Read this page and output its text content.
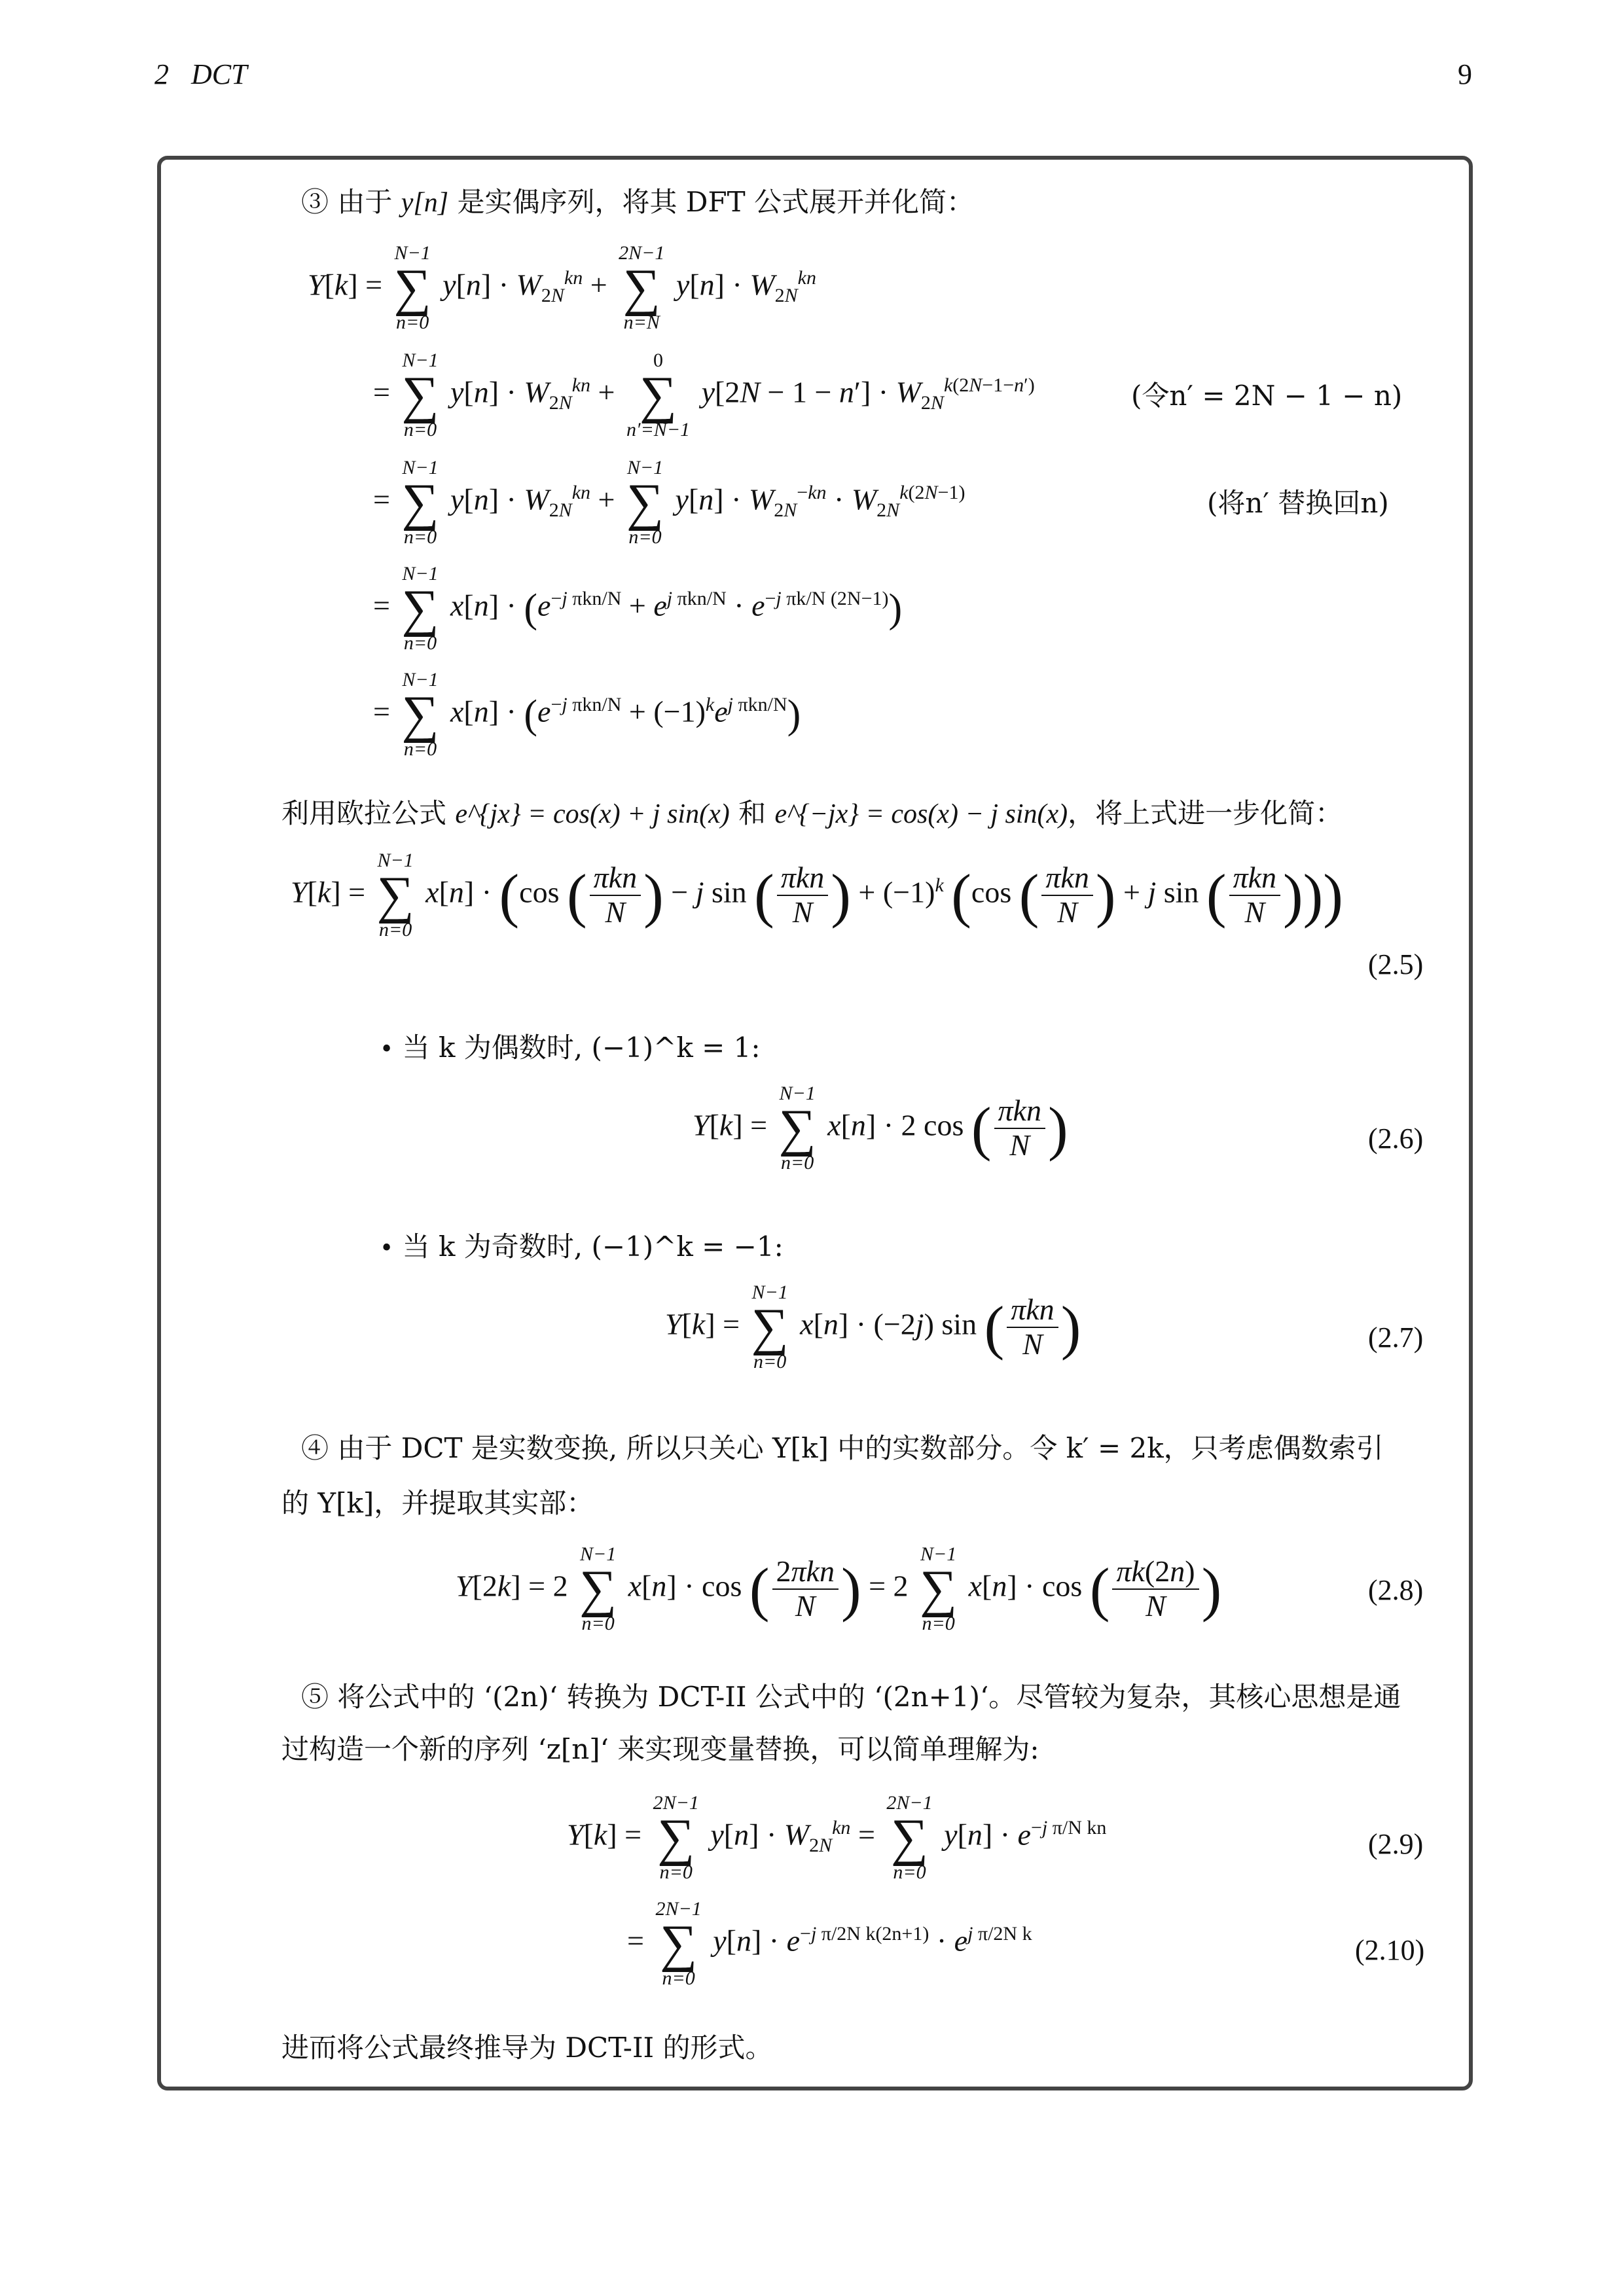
2 DCT	9
③ 由于 y[n] 是实偶序列，将其 DFT 公式展开并化简：
Y[k] =
N−1
∑
n=0
$y[n] \cdot W_{2N}^{kn}$ +
2N−1
∑
n=N
$y[n] \cdot W_{2N}^{kn}$
=
N−1
∑
n=0
$y[n] \cdot W_{2N}^{kn}$ +
0
∑
n′=N−1
$y[2N - 1 - n'] \cdot W_{2N}^{k(2N-1-n')}$	(令n′ = 2N − 1 − n)
=
N−1
∑
n=0
$y[n] \cdot W_{2N}^{kn}$ +
N−1
∑
n=0
$y[n] \cdot W_{2N}^{-kn} \cdot W_{2N}^{k(2N-1)}$	(将n′ 替换回n)
=
N−1
∑
n=0
$x[n] \cdot (e^{-j \pi kn/N} + e^{j \pi kn/N} \cdot e^{-j \pi k/N (2N-1)})$
=
N−1
∑
n=0
$x[n] \cdot (e^{-j \pi kn/N} + (-1)^ke^{j \pi kn/N})$
利用欧拉公式 e^{jx} = cos(x) + j sin(x) 和 e^{−jx} = cos(x) − j sin(x)，将上式进一步化简：
Y[k] =
N−1
∑
n=0
x[n] · (cos ( $\frac{\text{πkn}}{N}$ ) − j sin ( $\frac{\text{πkn}}{N}$ ) + $(-1)^k$ (cos ( $\frac{\text{πkn}}{N}$ ) + j sin ( $\frac{\text{πkn}}{N}$ )))
(2.5)
• 当 k 为偶数时, (−1)^k = 1:
Y[k] =
N−1
∑
n=0
x[n] · 2 cos ( $\frac{\text{πkn}}{N}$ )	(2.6)
• 当 k 为奇数时, (−1)^k = −1:
Y[k] =
N−1
∑
n=0
x[n] · (−2j) sin ( $\frac{\text{πkn}}{N}$ )	(2.7)
④ 由于 DCT 是实数变换, 所以只关心 Y[k] 中的实数部分。令 k′ = 2k，只考虑偶数索引
的 Y[k]，并提取其实部：
Y[2k] = 2
N−1
∑
n=0
x[n] · cos ( $\frac{\text{2πkn}}{N}$ ) = 2
N−1
∑
n=0
x[n] · cos ( $\frac{\pi k(2n)}{N}$ )	(2.8)
⑤ 将公式中的 ‘(2n)‘ 转换为 DCT-II 公式中的 ‘(2n+1)‘。尽管较为复杂，其核心思想是通
过构造一个新的序列 ‘z[n]‘ 来实现变量替换，可以简单理解为:
Y[k] =
2N−1
∑
n=0
$y[n] \cdot W_{2N}^{kn}$ =
2N−1
∑
n=0
$y[n] \cdot e^{-j \pi/N kn}$
(2.9)
=
2N−1
∑
n=0
$y[n] \cdot e^{-j \pi/2N k(2n+1)} \cdot e^{j \pi/2N k}$
(2.10)
进而将公式最终推导为 DCT-II 的形式。
